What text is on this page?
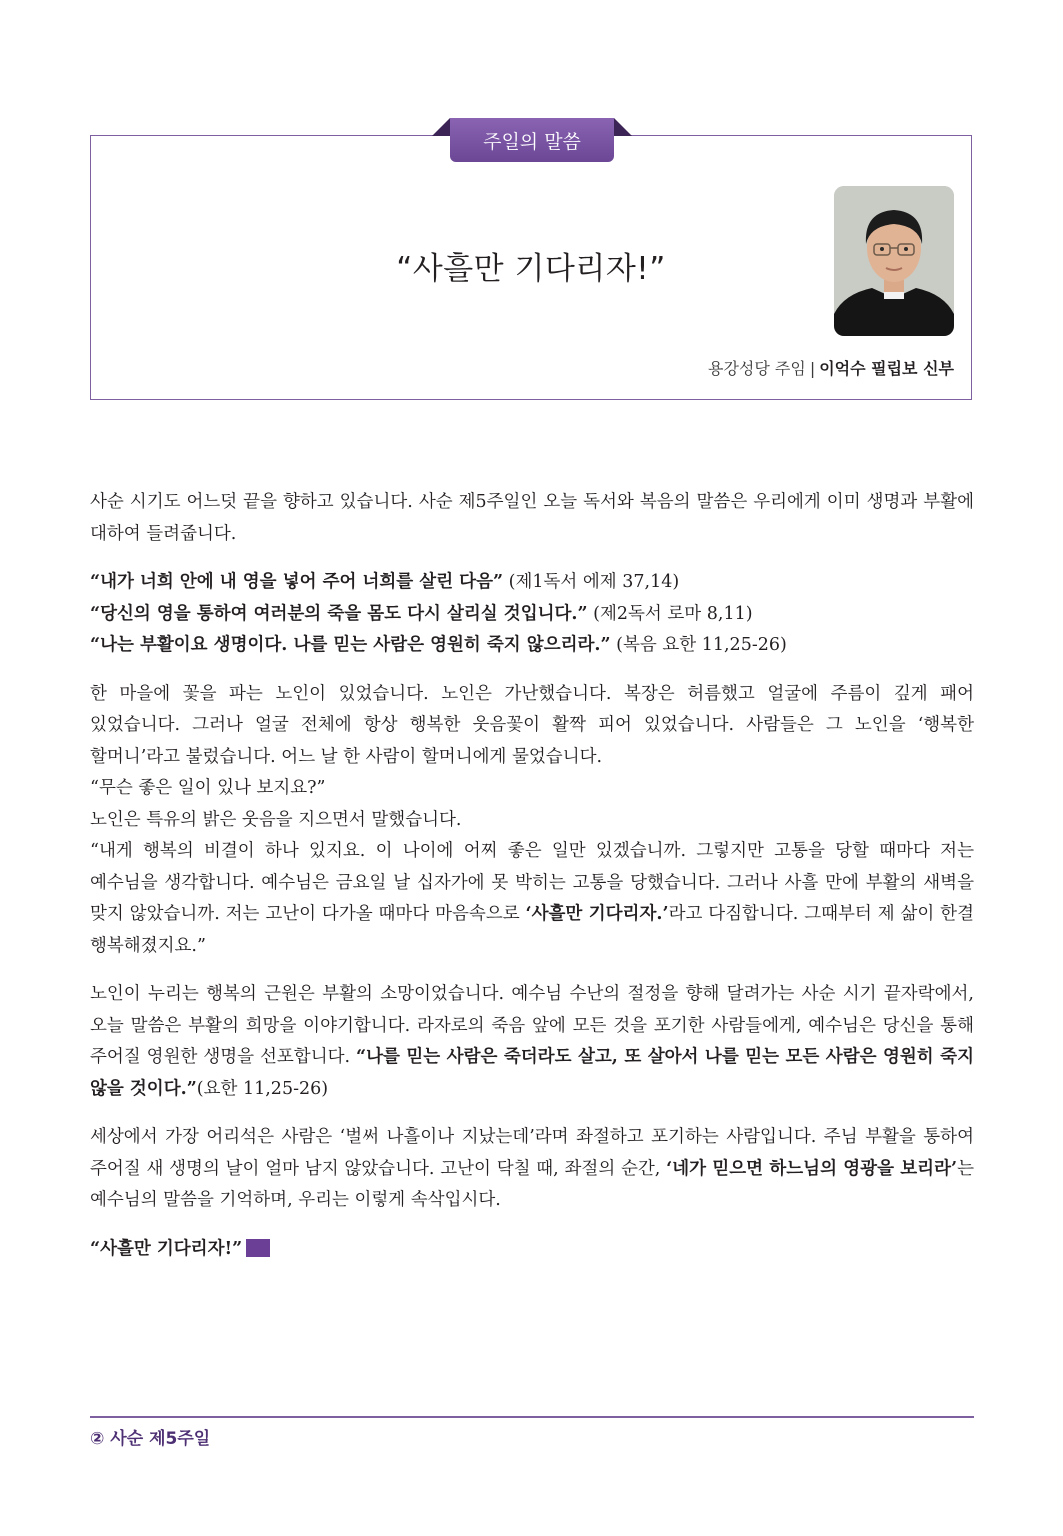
주일의 말씀
“사흘만 기다리자!”
용강성당 주임 | 이억수 필립보 신부

사순 시기도 어느덧 끝을 향하고 있습니다. 사순 제5주일인 오늘 독서와 복음의 말씀은 우리에게 이미 생명과 부활에 대하여 들려줍니다.

“내가 너희 안에 내 영을 넣어 주어 너희를 살린 다음” (제1독서 에제 37,14)
“당신의 영을 통하여 여러분의 죽을 몸도 다시 살리실 것입니다.” (제2독서 로마 8,11)
“나는 부활이요 생명이다. 나를 믿는 사람은 영원히 죽지 않으리라.” (복음 요한 11,25-26)

한 마을에 꽃을 파는 노인이 있었습니다. 노인은 가난했습니다. 복장은 허름했고 얼굴에 주름이 깊게 패어 있었습니다. 그러나 얼굴 전체에 항상 행복한 웃음꽃이 활짝 피어 있었습니다. 사람들은 그 노인을 ‘행복한 할머니’라고 불렀습니다. 어느 날 한 사람이 할머니에게 물었습니다.
“무슨 좋은 일이 있나 보지요?”
노인은 특유의 밝은 웃음을 지으면서 말했습니다.
“내게 행복의 비결이 하나 있지요. 이 나이에 어찌 좋은 일만 있겠습니까. 그렇지만 고통을 당할 때마다 저는 예수님을 생각합니다. 예수님은 금요일 날 십자가에 못 박히는 고통을 당했습니다. 그러나 사흘 만에 부활의 새벽을 맞지 않았습니까. 저는 고난이 다가올 때마다 마음속으로 ‘사흘만 기다리자.’라고 다짐합니다. 그때부터 제 삶이 한결 행복해졌지요.”

노인이 누리는 행복의 근원은 부활의 소망이었습니다. 예수님 수난의 절정을 향해 달려가는 사순 시기 끝자락에서, 오늘 말씀은 부활의 희망을 이야기합니다. 라자로의 죽음 앞에 모든 것을 포기한 사람들에게, 예수님은 당신을 통해 주어질 영원한 생명을 선포합니다. “나를 믿는 사람은 죽더라도 살고, 또 살아서 나를 믿는 모든 사람은 영원히 죽지 않을 것이다.”(요한 11,25-26)

세상에서 가장 어리석은 사람은 ‘벌써 나흘이나 지났는데’라며 좌절하고 포기하는 사람입니다. 주님 부활을 통하여 주어질 새 생명의 날이 얼마 남지 않았습니다. 고난이 닥칠 때, 좌절의 순간, ‘네가 믿으면 하느님의 영광을 보리라’는 예수님의 말씀을 기억하며, 우리는 이렇게 속삭입시다.

“사흘만 기다리자!”

② 사순 제5주일
